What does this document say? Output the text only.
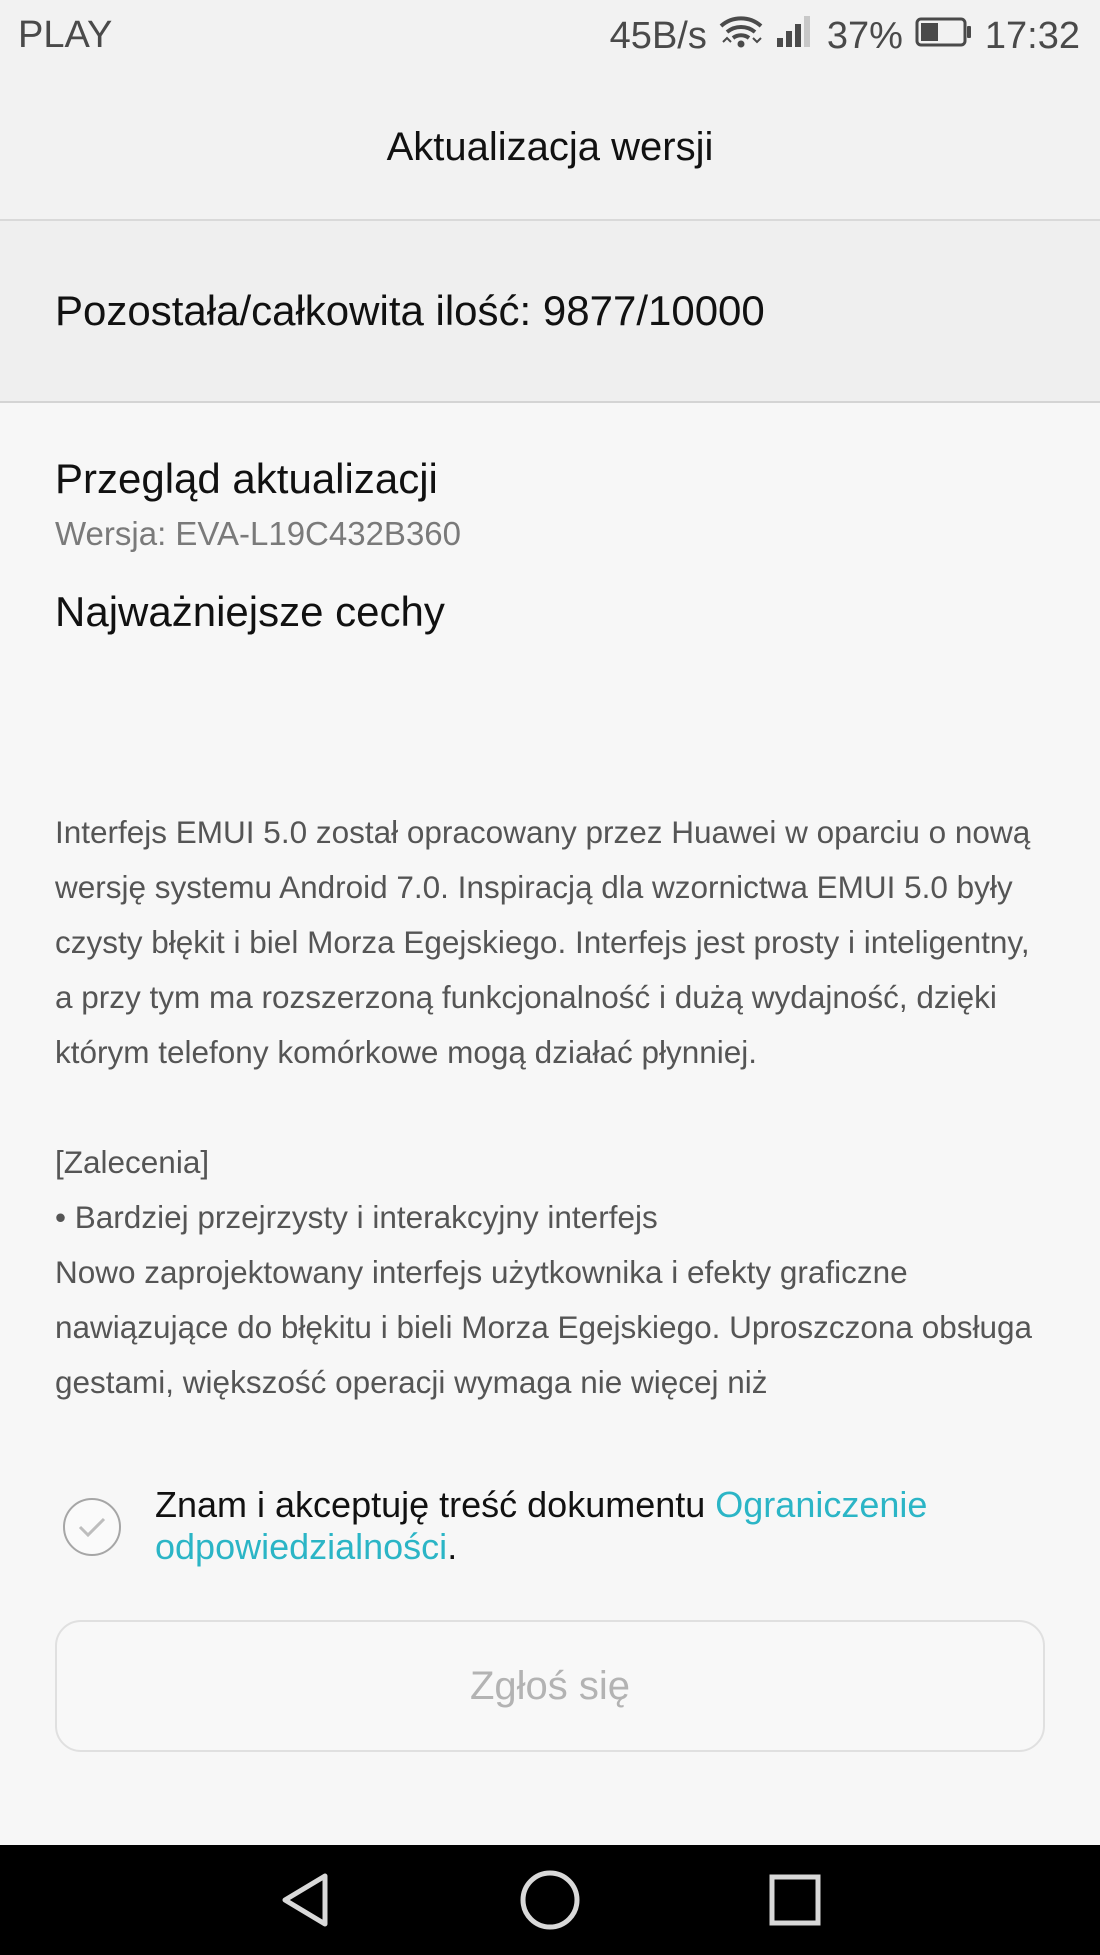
PLAY	45B/s	37% 17:32
Aktualizacja wersji
Pozostała/całkowita ilość: 9877/10000
Przegląd aktualizacji
Wersja: EVA-L19C432B360
Najważniejsze cechy

Interfejs EMUI 5.0 został opracowany przez Huawei w oparciu o nową wersję systemu Android 7.0. Inspiracją dla wzornictwa EMUI 5.0 były czysty błękit i biel Morza Egejskiego. Interfejs jest prosty i inteligentny, a przy tym ma rozszerzoną funkcjonalność i dużą wydajność, dzięki którym telefony komórkowe mogą działać płynniej.

[Zalecenia]

• Bardziej przejrzysty i interakcyjny interfejs

Nowo zaprojektowany interfejs użytkownika i efekty graficzne nawiązujące do błękitu i bieli Morza Egejskiego. Uproszczona obsługa gestami, większość operacji wymaga nie więcej niż

Znam i akceptuję treść dokumentu Ograniczenie odpowiedzialności.
Zgłoś się
